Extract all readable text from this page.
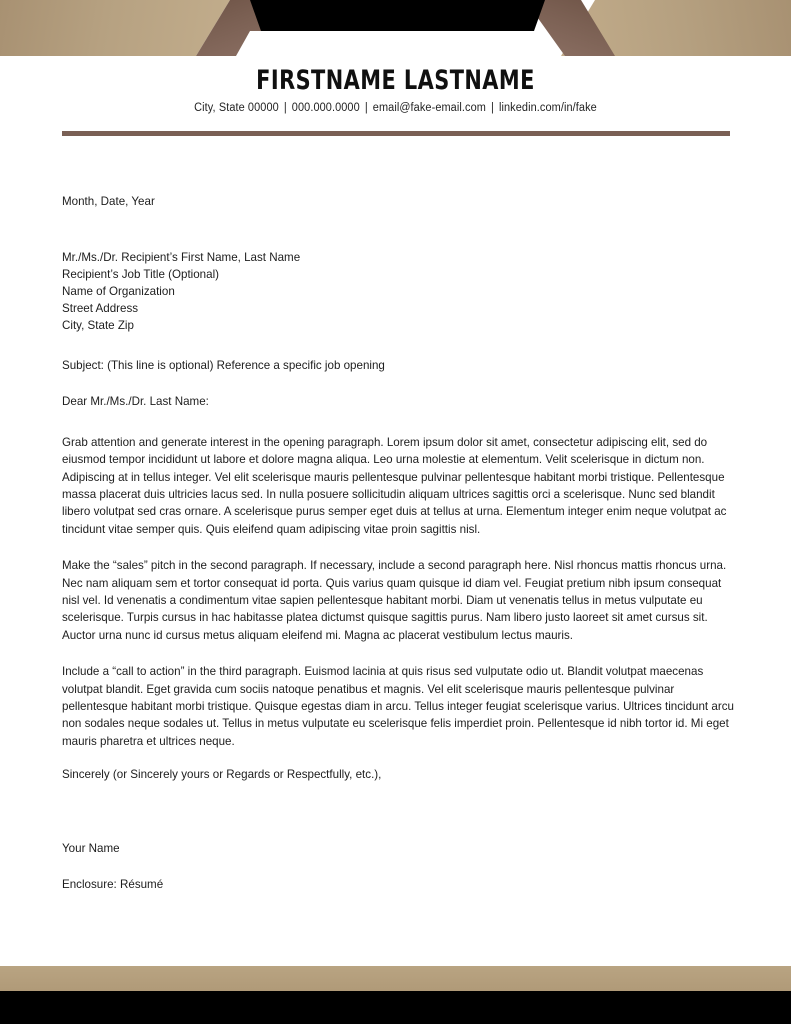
FIRSTNAME LASTNAME
City, State 00000 | 000.000.0000 | email@fake-email.com | linkedin.com/in/fake
Month, Date, Year
Mr./Ms./Dr. Recipient’s First Name, Last Name
Recipient’s Job Title (Optional)
Name of Organization
Street Address
City, State Zip
Subject: (This line is optional) Reference a specific job opening
Dear Mr./Ms./Dr. Last Name:

Grab attention and generate interest in the opening paragraph. Lorem ipsum dolor sit amet, consectetur adipiscing elit, sed do eiusmod tempor incididunt ut labore et dolore magna aliqua. Leo urna molestie at elementum. Velit scelerisque in dictum non. Adipiscing at in tellus integer. Vel elit scelerisque mauris pellentesque pulvinar pellentesque habitant morbi tristique. Pellentesque massa placerat duis ultricies lacus sed. In nulla posuere sollicitudin aliquam ultrices sagittis orci a scelerisque. Nunc sed blandit libero volutpat sed cras ornare. A scelerisque purus semper eget duis at tellus at urna. Elementum integer enim neque volutpat ac tincidunt vitae semper quis. Quis eleifend quam adipiscing vitae proin sagittis nisl.

Make the “sales” pitch in the second paragraph. If necessary, include a second paragraph here. Nisl rhoncus mattis rhoncus urna. Nec nam aliquam sem et tortor consequat id porta. Quis varius quam quisque id diam vel. Feugiat pretium nibh ipsum consequat nisl vel. Id venenatis a condimentum vitae sapien pellentesque habitant morbi. Diam ut venenatis tellus in metus vulputate eu scelerisque. Turpis cursus in hac habitasse platea dictumst quisque sagittis purus. Nam libero justo laoreet sit amet cursus sit. Auctor urna nunc id cursus metus aliquam eleifend mi. Magna ac placerat vestibulum lectus mauris.

Include a “call to action” in the third paragraph. Euismod lacinia at quis risus sed vulputate odio ut. Blandit volutpat maecenas volutpat blandit. Eget gravida cum sociis natoque penatibus et magnis. Vel elit scelerisque mauris pellentesque pulvinar pellentesque habitant morbi tristique. Quisque egestas diam in arcu. Tellus integer feugiat scelerisque varius. Ultrices tincidunt arcu non sodales neque sodales ut. Tellus in metus vulputate eu scelerisque felis imperdiet proin. Pellentesque id nibh tortor id. Mi eget mauris pharetra et ultrices neque.

Sincerely (or Sincerely yours or Regards or Respectfully, etc.),
Your Name
Enclosure: Résumé
